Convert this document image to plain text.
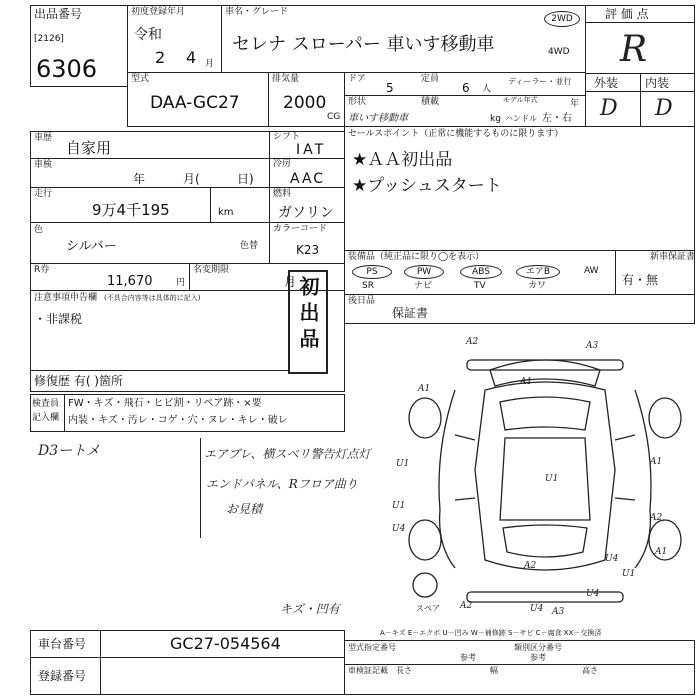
出品番号
[2126]
6306
初度登録年月
令和
2 4 月
車名・グレード
セレナ スローパー 車いす移動車
2WD
4WD
評 価 点
R
外装 内装
D D
型式
DAA-GC27
排気量
2000
CG
ドア
5
定員
6 人
ディーラー・並行
モデル年式	年
形状
車いす移動車
積載
kg ハンドル 左・右
車歴
自家用
シフト
IAT
車検
年	月(	日)
冷房
AAC
走行
9万4千195	km
燃料
ガソリン
色
シルバー	色替
カラーコード
K23
R券
11,670	円
名変期限
月
注意事項申告欄 (不具合内容等は具体的に記入)
・非課税
修復歴 有( )箇所
初出品
セールスポイント（正常に機能するものに限ります）
★ＡＡ初出品
★プッシュスタート
装備品（純正品に限り◯を表示）	新車保証書
有・無
PS	PW	ABS	エアB	AW
SR	ナビ	TV	カワ
後日品
保証書
検査員
記入欄
FW・キズ・飛石・ヒビ割・リペア跡・×要
内装・キズ・汚レ・コゲ・穴・ヌレ・キレ・破レ
D3ートメ	エアブレ、横スベリ警告灯点灯
エンドパネル、Rフロア曲り
お見積
キズ・凹有
A2	A3
A1
U1
U1
U1
U4
A2
A1
A2
A1
U1
U4
U4
A2
A3
A1
U4
スペア
A－キズ E－エクボ U－凹み W－補修跡 S－サビ C－腐食 XX－交換済
車台番号	GC27-054564
登録番号
型式指定番号	類別区分番号
参考	参考
車検証記載 長さ	幅	高さ
